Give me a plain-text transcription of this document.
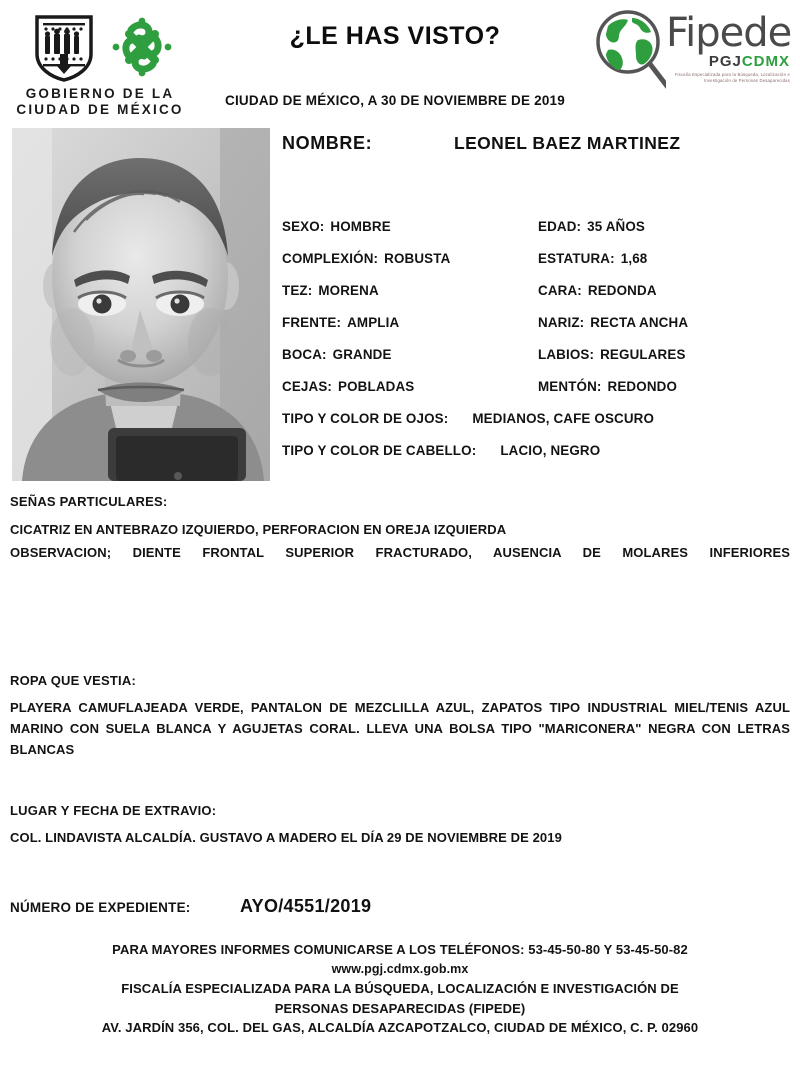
GOBIERNO DE LA
CIUDAD DE MÉXICO
¿LE HAS VISTO?
CIUDAD DE MÉXICO, A 30 DE NOVIEMBRE DE 2019
Fipede
PGJCDMX
Fiscalía Especializada para la Búsqueda, Localización e Investigación de Personas Desaparecidas
NOMBRE:	LEONEL BAEZ MARTINEZ
SEXO: HOMBRE	EDAD: 35 AÑOS
COMPLEXIÓN: ROBUSTA	ESTATURA: 1,68
TEZ: MORENA	CARA: REDONDA
FRENTE: AMPLIA	NARIZ: RECTA ANCHA
BOCA: GRANDE	LABIOS: REGULARES
CEJAS: POBLADAS	MENTÓN: REDONDO
TIPO Y COLOR DE OJOS: MEDIANOS, CAFE OSCURO
TIPO Y COLOR DE CABELLO: LACIO, NEGRO
SEÑAS PARTICULARES:
CICATRIZ EN ANTEBRAZO IZQUIERDO, PERFORACION EN OREJA IZQUIERDA
OBSERVACION; DIENTE FRONTAL SUPERIOR FRACTURADO, AUSENCIA DE MOLARES INFERIORES
ROPA QUE VESTIA:
PLAYERA CAMUFLAJEADA VERDE, PANTALON DE MEZCLILLA AZUL, ZAPATOS TIPO INDUSTRIAL MIEL/TENIS AZUL MARINO CON SUELA BLANCA Y AGUJETAS CORAL. LLEVA UNA BOLSA TIPO "MARICONERA" NEGRA CON LETRAS BLANCAS
LUGAR Y FECHA DE EXTRAVIO:
COL. LINDAVISTA ALCALDÍA. GUSTAVO A MADERO EL DÍA 29 DE NOVIEMBRE DE 2019
NÚMERO DE EXPEDIENTE:	AYO/4551/2019
PARA MAYORES INFORMES COMUNICARSE A LOS TELÉFONOS: 53-45-50-80 Y 53-45-50-82
www.pgj.cdmx.gob.mx
FISCALÍA ESPECIALIZADA PARA LA BÚSQUEDA, LOCALIZACIÓN E INVESTIGACIÓN DE
PERSONAS DESAPARECIDAS (FIPEDE)
AV. JARDÍN 356, COL. DEL GAS, ALCALDÍA AZCAPOTZALCO, CIUDAD DE MÉXICO, C. P. 02960
